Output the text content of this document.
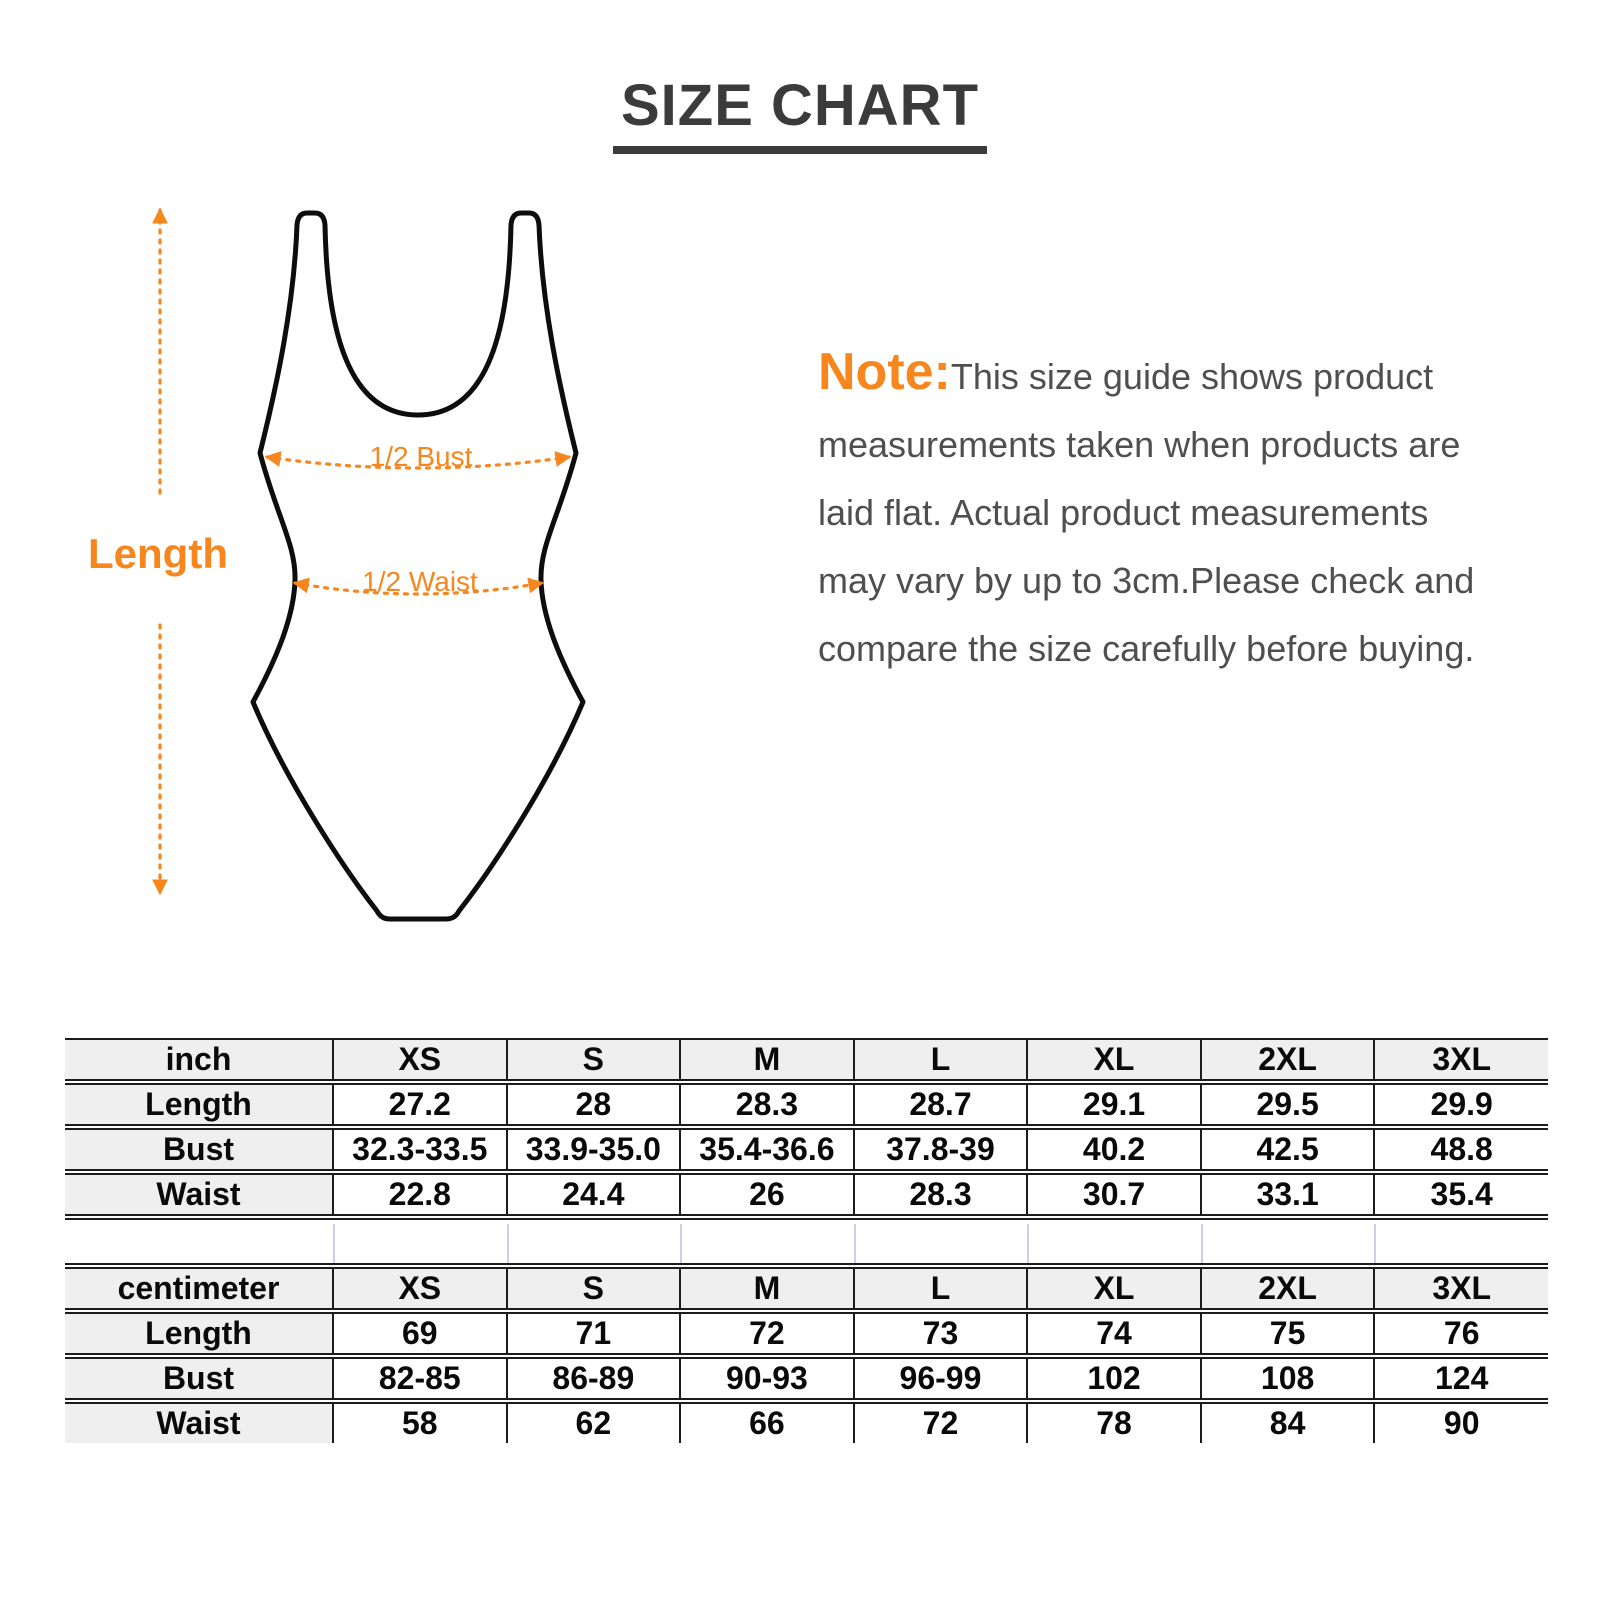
SIZE CHART
Length
1/2 Bust
1/2 Waist
Note:This size guide shows product
measurements taken when products are
laid flat. Actual product measurements
may vary by up to 3cm.Please check and
compare the size carefully before buying.
inch	XS	S	M	L	XL	2XL	3XL
Length	27.2	28	28.3	28.7	29.1	29.5	29.9
Bust	32.3-33.5	33.9-35.0	35.4-36.6	37.8-39	40.2	42.5	48.8
Waist	22.8	24.4	26	28.3	30.7	33.1	35.4
centimeter	XS	S	M	L	XL	2XL	3XL
Length	69	71	72	73	74	75	76
Bust	82-85	86-89	90-93	96-99	102	108	124
Waist	58	62	66	72	78	84	90
